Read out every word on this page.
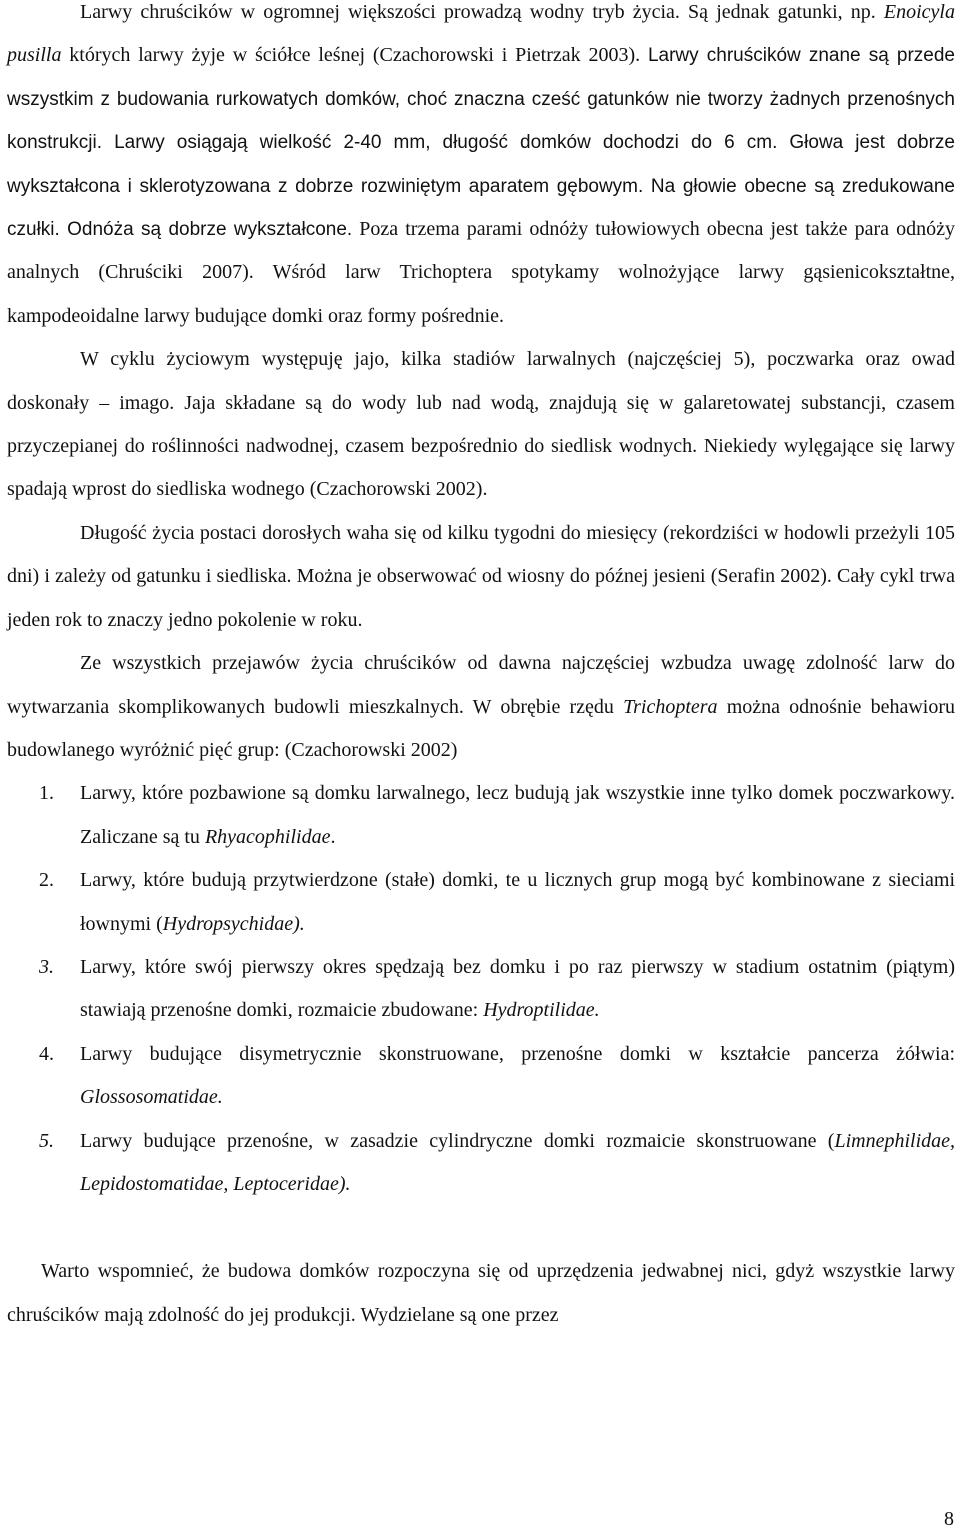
Larwy chruścików w ogromnej większości prowadzą wodny tryb życia. Są jednak gatunki, np. Enoicyla pusilla których larwy żyje w ściółce leśnej (Czachorowski i Pietrzak 2003). Larwy chruścików znane są przede wszystkim z budowania rurkowatych domków, choć znaczna cześć gatunków nie tworzy żadnych przenośnych konstrukcji. Larwy osiągają wielkość 2-40 mm, długość domków dochodzi do 6 cm. Głowa jest dobrze wykształcona i sklerotyzowana z dobrze rozwiniętym aparatem gębowym. Na głowie obecne są zredukowane czułki. Odnóża są dobrze wykształcone. Poza trzema parami odnóży tułowiowych obecna jest także para odnóży analnych (Chruściki 2007). Wśród larw Trichoptera spotykamy wolnożyjące larwy gąsienicokształtne, kampodeoidalne larwy budujące domki oraz formy pośrednie.

W cyklu życiowym występuję jajo, kilka stadiów larwalnych (najczęściej 5), poczwarka oraz owad doskonały – imago. Jaja składane są do wody lub nad wodą, znajdują się w galaretowatej substancji, czasem przyczepianej do roślinności nadwodnej, czasem bezpośrednio do siedlisk wodnych. Niekiedy wylęgające się larwy spadają wprost do siedliska wodnego (Czachorowski 2002).

Długość życia postaci dorosłych waha się od kilku tygodni do miesięcy (rekordziści w hodowli przeżyli 105 dni) i zależy od gatunku i siedliska. Można je obserwować od wiosny do późnej jesieni (Serafin 2002). Cały cykl trwa jeden rok to znaczy jedno pokolenie w roku.

Ze wszystkich przejawów życia chruścików od dawna najczęściej wzbudza uwagę zdolność larw do wytwarzania skomplikowanych budowli mieszkalnych. W obrębie rzędu Trichoptera można odnośnie behawioru budowlanego wyróżnić pięć grup: (Czachorowski 2002)

1. Larwy, które pozbawione są domku larwalnego, lecz budują jak wszystkie inne tylko domek poczwarkowy. Zaliczane są tu Rhyacophilidae.
2. Larwy, które budują przytwierdzone (stałe) domki, te u licznych grup mogą być kombinowane z sieciami łownymi (Hydropsychidae).
3. Larwy, które swój pierwszy okres spędzają bez domku i po raz pierwszy w stadium ostatnim (piątym) stawiają przenośne domki, rozmaicie zbudowane: Hydroptilidae.
4. Larwy budujące disymetrycznie skonstruowane, przenośne domki w kształcie pancerza żółwia: Glossosomatidae.
5. Larwy budujące przenośne, w zasadzie cylindryczne domki rozmaicie skonstruowane (Limnephilidae, Lepidostomatidae, Leptoceridae).

Warto wspomnieć, że budowa domków rozpoczyna się od uprzędzenia jedwabnej nici, gdyż wszystkie larwy chruścików mają zdolność do jej produkcji. Wydzielane są one przez

8
